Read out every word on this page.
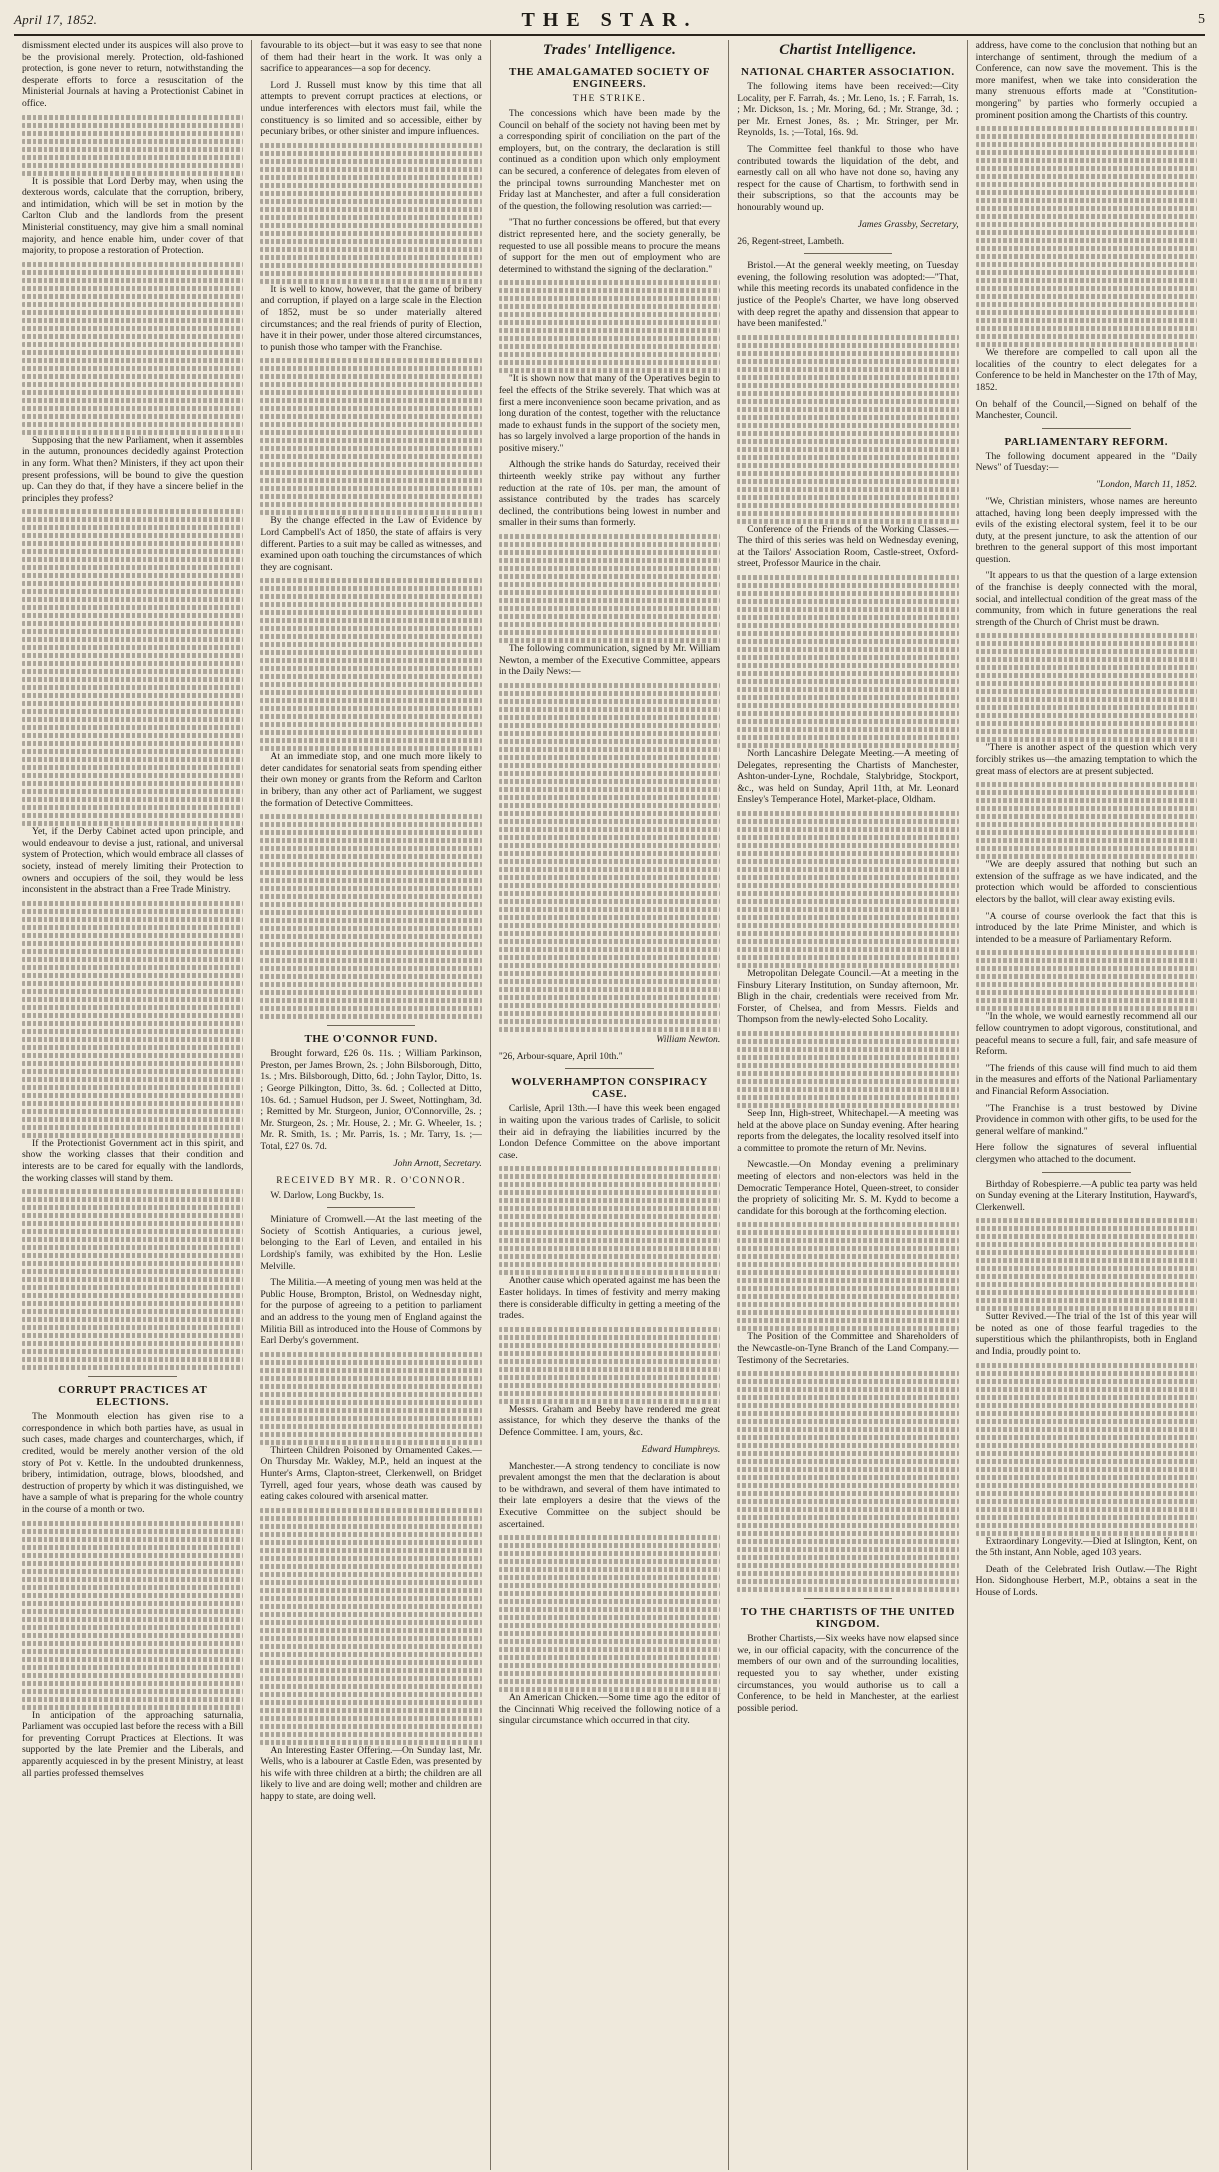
April 17, 1852.	THE STAR.	5

dismissment elected under its auspices will also prove to be the provisional merely. Protection, old-fashioned protection, is gone never to return, notwithstanding the desperate efforts to force a resuscitation of the Ministerial Journals at having a Protectionist Cabinet in office.

It is possible that Lord Derby may, when using the dexterous words, calculate that the corruption, bribery, and intimidation, which will be set in motion by the Carlton Club and the landlords from the present Ministerial constituency, may give him a small nominal majority, and hence enable him, under cover of that majority, to propose a restoration of Protection.

Supposing that the new Parliament, when it assembles in the autumn, pronounces decidedly against Protection in any form. What then? Ministers, if they act upon their present professions, will be bound to give the question up. Can they do that, if they have a sincere belief in the principles they profess?

Yet, if the Derby Cabinet acted upon principle, and would endeavour to devise a just, rational, and universal system of Protection, which would embrace all classes of society, instead of merely limiting their Protection to owners and occupiers of the soil, they would be less inconsistent in the abstract than a Free Trade Ministry.

If the Protectionist Government act in this spirit, and show the working classes that their condition and interests are to be cared for equally with the landlords, the working classes will stand by them.

CORRUPT PRACTICES AT ELECTIONS.

The Monmouth election has given rise to a correspondence in which both parties have, as usual in such cases, made charges and countercharges, which, if credited, would be merely another version of the old story of Pot v. Kettle. In the undoubted drunkenness, bribery, intimidation, outrage, blows, bloodshed, and destruction of property by which it was distinguished, we have a sample of what is preparing for the whole country in the course of a month or two.

In anticipation of the approaching saturnalia, Parliament was occupied last before the recess with a Bill for preventing Corrupt Practices at Elections. It was supported by the late Premier and the Liberals, and apparently acquiesced in by the present Ministry, at least all parties professed themselves

favourable to its object—but it was easy to see that none of them had their heart in the work. It was only a sacrifice to appearances—a sop for decency.

Lord J. Russell must know by this time that all attempts to prevent corrupt practices at elections, or undue interferences with electors must fail, while the constituency is so limited and so accessible, either by pecuniary bribes, or other sinister and impure influences.

It is well to know, however, that the game of bribery and corruption, if played on a large scale in the Election of 1852, must be so under materially altered circumstances; and the real friends of purity of Election, have it in their power, under those altered circumstances, to punish those who tamper with the Franchise.

By the change effected in the Law of Evidence by Lord Campbell's Act of 1850, the state of affairs is very different. Parties to a suit may be called as witnesses, and examined upon oath touching the circumstances of which they are cognisant.

At an immediate stop, and one much more likely to deter candidates for senatorial seats from spending either their own money or grants from the Reform and Carlton in bribery, than any other act of Parliament, we suggest the formation of Detective Committees.

THE O'CONNOR FUND.

Brought forward, £26 0s. 11s. ; William Parkinson, Preston, per James Brown, 2s. ; John Bilsborough, Ditto, 1s. ; Mrs. Bilsborough, Ditto, 6d. ; John Taylor, Ditto, 1s. ; George Pilkington, Ditto, 3s. 6d. ; Collected at Ditto, 10s. 6d. ; Samuel Hudson, per J. Sweet, Nottingham, 3d. ; Remitted by Mr. Sturgeon, Junior, O'Connorville, 2s. ; Mr. Sturgeon, 2s. ; Mr. House, 2. ; Mr. G. Wheeler, 1s. ; Mr. R. Smith, 1s. ; Mr. Parris, 1s. ; Mr. Tarry, 1s. ;—Total, £27 0s. 7d.

John Arnott, Secretary.
RECEIVED BY MR. R. O'CONNOR.

W. Darlow, Long Buckby, 1s.

Miniature of Cromwell.—At the last meeting of the Society of Scottish Antiquaries, a curious jewel, belonging to the Earl of Leven, and entailed in his Lordship's family, was exhibited by the Hon. Leslie Melville.

The Militia.—A meeting of young men was held at the Public House, Brompton, Bristol, on Wednesday night, for the purpose of agreeing to a petition to parliament and an address to the young men of England against the Militia Bill as introduced into the House of Commons by Earl Derby's government.

Thirteen Children Poisoned by Ornamented Cakes.—On Thursday Mr. Wakley, M.P., held an inquest at the Hunter's Arms, Clapton-street, Clerkenwell, on Bridget Tyrrell, aged four years, whose death was caused by eating cakes coloured with arsenical matter.

An Interesting Easter Offering.—On Sunday last, Mr. Wells, who is a labourer at Castle Eden, was presented by his wife with three children at a birth; the children are all likely to live and are doing well; mother and children are happy to state, are doing well.

Trades' Intelligence.
THE AMALGAMATED SOCIETY OF ENGINEERS.
THE STRIKE.

The concessions which have been made by the Council on behalf of the society not having been met by a corresponding spirit of conciliation on the part of the employers, but, on the contrary, the declaration is still continued as a condition upon which only employment can be secured, a conference of delegates from eleven of the principal towns surrounding Manchester met on Friday last at Manchester, and after a full consideration of the question, the following resolution was carried:—

"That no further concessions be offered, but that every district represented here, and the society generally, be requested to use all possible means to procure the means of support for the men out of employment who are determined to withstand the signing of the declaration."

"It is shown now that many of the Operatives begin to feel the effects of the Strike severely. That which was at first a mere inconvenience soon became privation, and as long duration of the contest, together with the reluctance made to exhaust funds in the support of the society men, has so largely involved a large proportion of the hands in positive misery."

Although the strike hands do Saturday, received their thirteenth weekly strike pay without any further reduction at the rate of 10s. per man, the amount of assistance contributed by the trades has scarcely declined, the contributions being lowest in number and smaller in their sums than formerly.

The following communication, signed by Mr. William Newton, a member of the Executive Committee, appears in the Daily News:—

William Newton.

"26, Arbour-square, April 10th."

WOLVERHAMPTON CONSPIRACY CASE.

Carlisle, April 13th.—I have this week been engaged in waiting upon the various trades of Carlisle, to solicit their aid in defraying the liabilities incurred by the London Defence Committee on the above important case.

Another cause which operated against me has been the Easter holidays. In times of festivity and merry making there is considerable difficulty in getting a meeting of the trades.

Messrs. Graham and Beeby have rendered me great assistance, for which they deserve the thanks of the Defence Committee. I am, yours, &c.

Edward Humphreys.

Manchester.—A strong tendency to conciliate is now prevalent amongst the men that the declaration is about to be withdrawn, and several of them have intimated to their late employers a desire that the views of the Executive Committee on the subject should be ascertained.

An American Chicken.—Some time ago the editor of the Cincinnati Whig received the following notice of a singular circumstance which occurred in that city.

Chartist Intelligence.
NATIONAL CHARTER ASSOCIATION.

The following items have been received:—City Locality, per F. Farrah, 4s. ; Mr. Leno, 1s. ; F. Farrah, 1s. ; Mr. Dickson, 1s. ; Mr. Moring, 6d. ; Mr. Strange, 3d. ; per Mr. Ernest Jones, 8s. ; Mr. Stringer, per Mr. Reynolds, 1s. ;—Total, 16s. 9d.

The Committee feel thankful to those who have contributed towards the liquidation of the debt, and earnestly call on all who have not done so, having any respect for the cause of Chartism, to forthwith send in their subscriptions, so that the accounts may be honourably wound up.

James Grassby, Secretary,

26, Regent-street, Lambeth.

Bristol.—At the general weekly meeting, on Tuesday evening, the following resolution was adopted:—"That, while this meeting records its unabated confidence in the justice of the People's Charter, we have long observed with deep regret the apathy and dissension that appear to have been manifested."

Conference of the Friends of the Working Classes.—The third of this series was held on Wednesday evening, at the Tailors' Association Room, Castle-street, Oxford-street, Professor Maurice in the chair.

North Lancashire Delegate Meeting.—A meeting of Delegates, representing the Chartists of Manchester, Ashton-under-Lyne, Rochdale, Stalybridge, Stockport, &c., was held on Sunday, April 11th, at Mr. Leonard Ensley's Temperance Hotel, Market-place, Oldham.

Metropolitan Delegate Council.—At a meeting in the Finsbury Literary Institution, on Sunday afternoon, Mr. Bligh in the chair, credentials were received from Mr. Forster, of Chelsea, and from Messrs. Fields and Thompson from the newly-elected Soho Locality.

Seep Inn, High-street, Whitechapel.—A meeting was held at the above place on Sunday evening. After hearing reports from the delegates, the locality resolved itself into a committee to promote the return of Mr. Nevins.

Newcastle.—On Monday evening a preliminary meeting of electors and non-electors was held in the Democratic Temperance Hotel, Queen-street, to consider the propriety of soliciting Mr. S. M. Kydd to become a candidate for this borough at the forthcoming election.

The Position of the Committee and Shareholders of the Newcastle-on-Tyne Branch of the Land Company.—Testimony of the Secretaries.

TO THE CHARTISTS OF THE UNITED KINGDOM.

Brother Chartists,—Six weeks have now elapsed since we, in our official capacity, with the concurrence of the members of our own and of the surrounding localities, requested you to say whether, under existing circumstances, you would authorise us to call a Conference, to be held in Manchester, at the earliest possible period.

address, have come to the conclusion that nothing but an interchange of sentiment, through the medium of a Conference, can now save the movement. This is the more manifest, when we take into consideration the many strenuous efforts made at "Constitution-mongering" by parties who formerly occupied a prominent position among the Chartists of this country.

We therefore are compelled to call upon all the localities of the country to elect delegates for a Conference to be held in Manchester on the 17th of May, 1852.

On behalf of the Council,—Signed on behalf of the Manchester, Council.

PARLIAMENTARY REFORM.

The following document appeared in the "Daily News" of Tuesday:—

"London, March 11, 1852.

"We, Christian ministers, whose names are hereunto attached, having long been deeply impressed with the evils of the existing electoral system, feel it to be our duty, at the present juncture, to ask the attention of our brethren to the general support of this most important question.

"It appears to us that the question of a large extension of the franchise is deeply connected with the moral, social, and intellectual condition of the great mass of the community, from which in future generations the real strength of the Church of Christ must be drawn.

"There is another aspect of the question which very forcibly strikes us—the amazing temptation to which the great mass of electors are at present subjected.

"We are deeply assured that nothing but such an extension of the suffrage as we have indicated, and the protection which would be afforded to conscientious electors by the ballot, will clear away existing evils.

"A course of course overlook the fact that this is introduced by the late Prime Minister, and which is intended to be a measure of Parliamentary Reform.

"In the whole, we would earnestly recommend all our fellow countrymen to adopt vigorous, constitutional, and peaceful means to secure a full, fair, and safe measure of Reform.

"The friends of this cause will find much to aid them in the measures and efforts of the National Parliamentary and Financial Reform Association.

"The Franchise is a trust bestowed by Divine Providence in common with other gifts, to be used for the general welfare of mankind."

Here follow the signatures of several influential clergymen who attached to the document.

Birthday of Robespierre.—A public tea party was held on Sunday evening at the Literary Institution, Hayward's, Clerkenwell.

Sutter Revived.—The trial of the 1st of this year will be noted as one of those fearful tragedies to the superstitious which the philanthropists, both in England and India, proudly point to.

Extraordinary Longevity.—Died at Islington, Kent, on the 5th instant, Ann Noble, aged 103 years.

Death of the Celebrated Irish Outlaw.—The Right Hon. Sidonghouse Herbert, M.P., obtains a seat in the House of Lords.
